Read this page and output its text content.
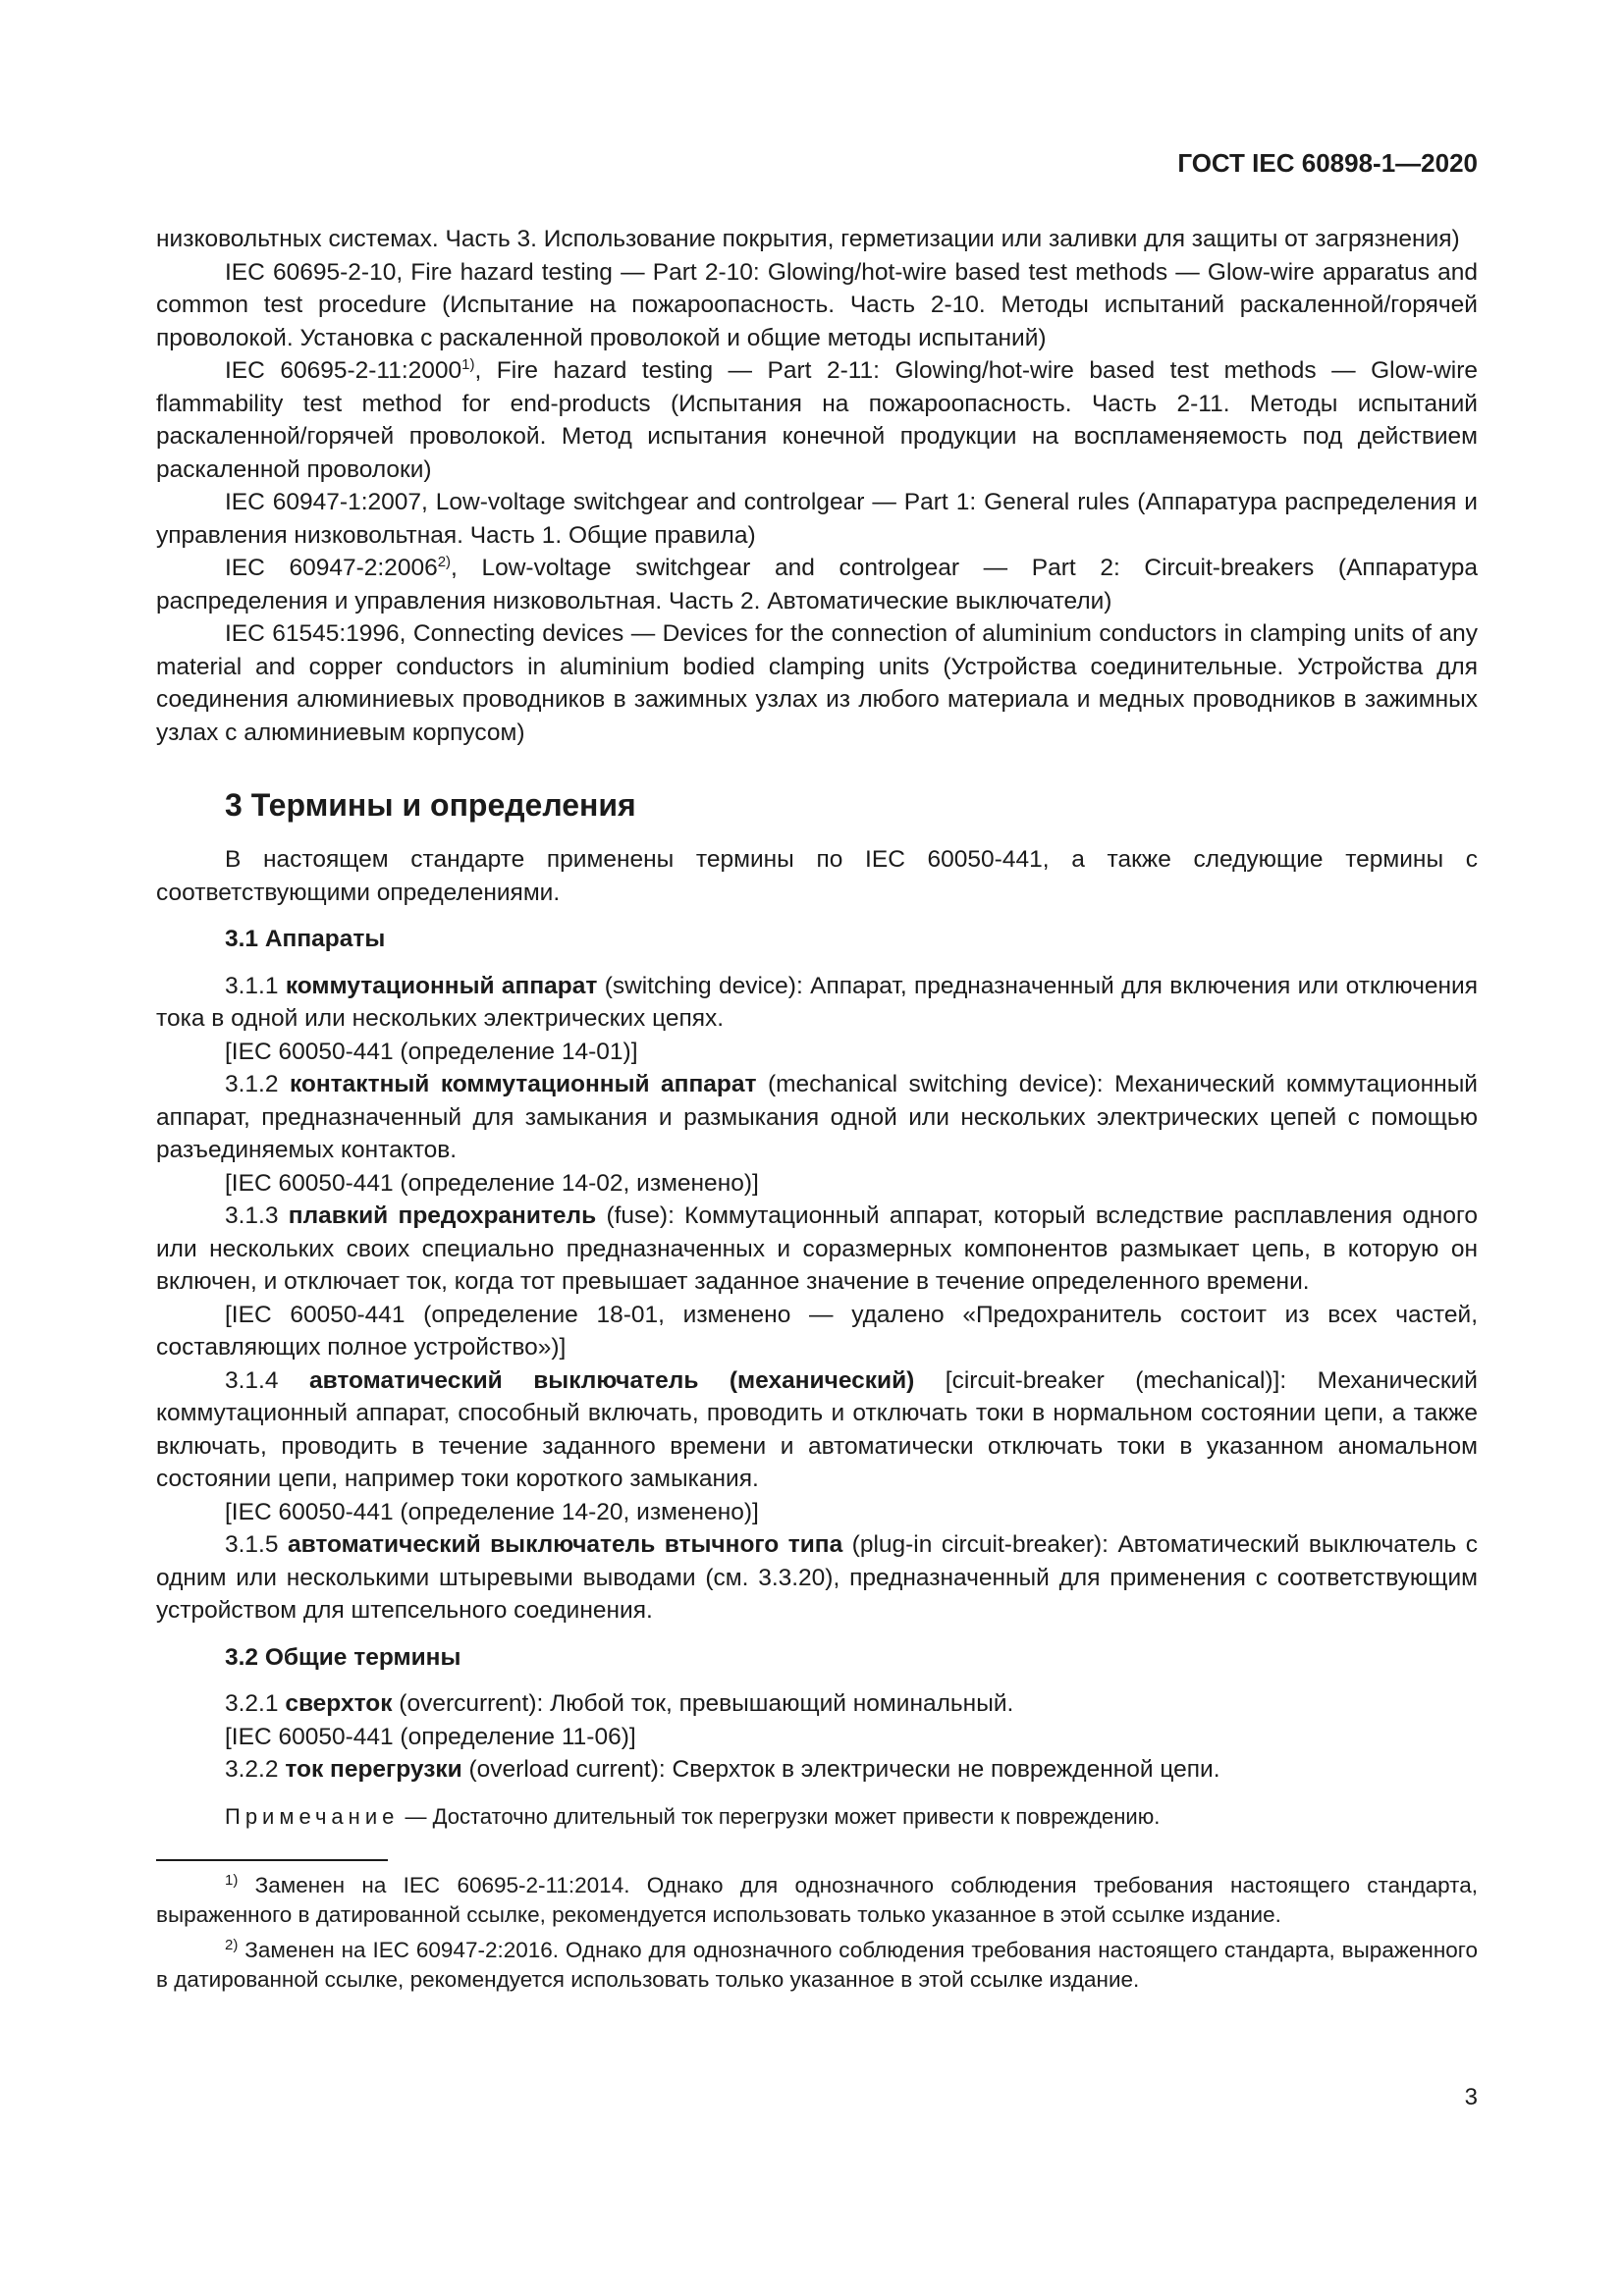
ГОСТ IEC 60898-1—2020

низковольтных системах. Часть 3. Использование покрытия, герметизации или заливки для защиты от загрязнения)

IEC 60695-2-10, Fire hazard testing — Part 2-10: Glowing/hot-wire based test methods — Glow-wire apparatus and common test procedure (Испытание на пожароопасность. Часть 2-10. Методы испытаний раскаленной/горячей проволокой. Установка с раскаленной проволокой и общие методы испытаний)

IEC 60695-2-11:2000$^{1)}$, Fire hazard testing — Part 2-11: Glowing/hot-wire based test methods — Glow-wire flammability test method for end-products (Испытания на пожароопасность. Часть 2-11. Методы испытаний раскаленной/горячей проволокой. Метод испытания конечной продукции на воспламеняемость под действием раскаленной проволоки)

IEC 60947-1:2007, Low-voltage switchgear and controlgear — Part 1: General rules (Аппаратура распределения и управления низковольтная. Часть 1. Общие правила)

IEC 60947-2:2006$^{2)}$, Low-voltage switchgear and controlgear — Part 2: Circuit-breakers (Аппаратура распределения и управления низковольтная. Часть 2. Автоматические выключатели)

IEC 61545:1996, Connecting devices — Devices for the connection of aluminium conductors in clamping units of any material and copper conductors in aluminium bodied clamping units (Устройства соединительные. Устройства для соединения алюминиевых проводников в зажимных узлах из любого материала и медных проводников в зажимных узлах с алюминиевым корпусом)

3 Термины и определения

В настоящем стандарте применены термины по IEC 60050-441, а также следующие термины с соответствующими определениями.

3.1 Аппараты

3.1.1 коммутационный аппарат (switching device): Аппарат, предназначенный для включения или отключения тока в одной или нескольких электрических цепях.

[IEC 60050-441 (определение 14-01)]

3.1.2 контактный коммутационный аппарат (mechanical switching device): Механический коммутационный аппарат, предназначенный для замыкания и размыкания одной или нескольких электрических цепей с помощью разъединяемых контактов.

[IEC 60050-441 (определение 14-02, изменено)]

3.1.3 плавкий предохранитель (fuse): Коммутационный аппарат, который вследствие расплавления одного или нескольких своих специально предназначенных и соразмерных компонентов размыкает цепь, в которую он включен, и отключает ток, когда тот превышает заданное значение в течение определенного времени.

[IEC 60050-441 (определение 18-01, изменено — удалено «Предохранитель состоит из всех частей, составляющих полное устройство»)]

3.1.4 автоматический выключатель (механический) [circuit-breaker (mechanical)]: Механический коммутационный аппарат, способный включать, проводить и отключать токи в нормальном состоянии цепи, а также включать, проводить в течение заданного времени и автоматически отключать токи в указанном аномальном состоянии цепи, например токи короткого замыкания.

[IEC 60050-441 (определение 14-20, изменено)]

3.1.5 автоматический выключатель втычного типа (plug-in circuit-breaker): Автоматический выключатель с одним или несколькими штыревыми выводами (см. 3.3.20), предназначенный для применения с соответствующим устройством для штепсельного соединения.

3.2 Общие термины

3.2.1 сверхток (overcurrent): Любой ток, превышающий номинальный.

[IEC 60050-441 (определение 11-06)]

3.2.2 ток перегрузки (overload current): Сверхток в электрически не поврежденной цепи.

Примечание — Достаточно длительный ток перегрузки может привести к повреждению.

$^{1)}$ Заменен на IEC 60695-2-11:2014. Однако для однозначного соблюдения требования настоящего стандарта, выраженного в датированной ссылке, рекомендуется использовать только указанное в этой ссылке издание.

$^{2)}$ Заменен на IEC 60947-2:2016. Однако для однозначного соблюдения требования настоящего стандарта, выраженного в датированной ссылке, рекомендуется использовать только указанное в этой ссылке издание.

3
